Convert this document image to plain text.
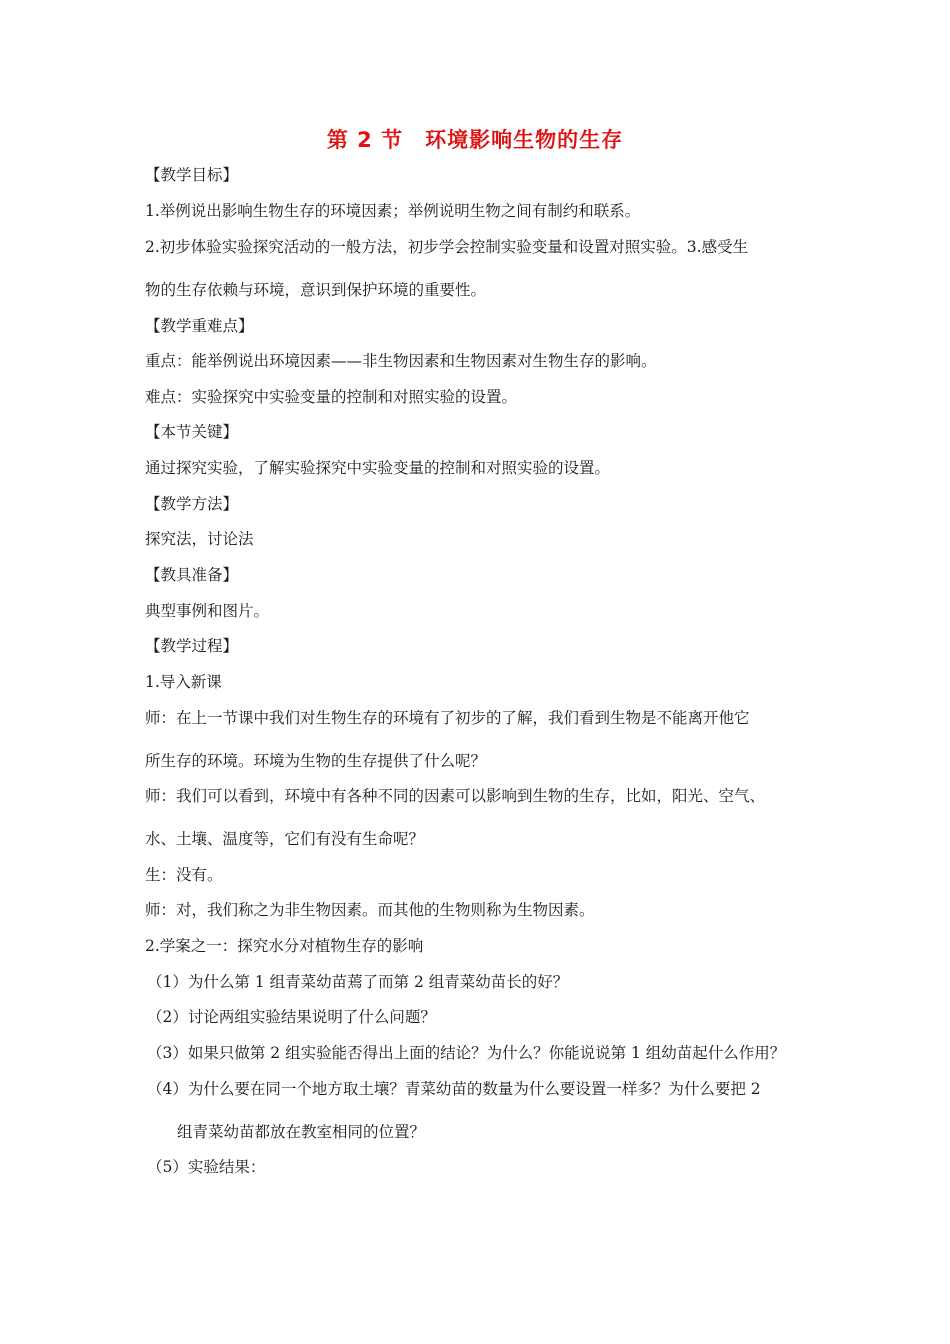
第 2 节　环境影响生物的生存
【教学目标】
1.举例说出影响生物生存的环境因素；举例说明生物之间有制约和联系。
2.初步体验实验探究活动的一般方法，初步学会控制实验变量和设置对照实验。3.感受生
物的生存依赖与环境，意识到保护环境的重要性。
【教学重难点】
重点：能举例说出环境因素——非生物因素和生物因素对生物生存的影响。
难点：实验探究中实验变量的控制和对照实验的设置。
【本节关键】
通过探究实验，了解实验探究中实验变量的控制和对照实验的设置。
【教学方法】
探究法，讨论法
【教具准备】
典型事例和图片。
【教学过程】
1.导入新课
师：在上一节课中我们对生物生存的环境有了初步的了解，我们看到生物是不能离开他它
所生存的环境。环境为生物的生存提供了什么呢？
师：我们可以看到，环境中有各种不同的因素可以影响到生物的生存，比如，阳光、空气、
水、土壤、温度等，它们有没有生命呢？
生：没有。
师：对，我们称之为非生物因素。而其他的生物则称为生物因素。
2.学案之一：探究水分对植物生存的影响
（1）为什么第 1 组青菜幼苗蔫了而第 2 组青菜幼苗长的好？
（2）讨论两组实验结果说明了什么问题？
（3）如果只做第 2 组实验能否得出上面的结论？为什么？你能说说第 1 组幼苗起什么作用？
（4）为什么要在同一个地方取土壤？青菜幼苗的数量为什么要设置一样多？为什么要把 2
组青菜幼苗都放在教室相同的位置？
（5）实验结果：
